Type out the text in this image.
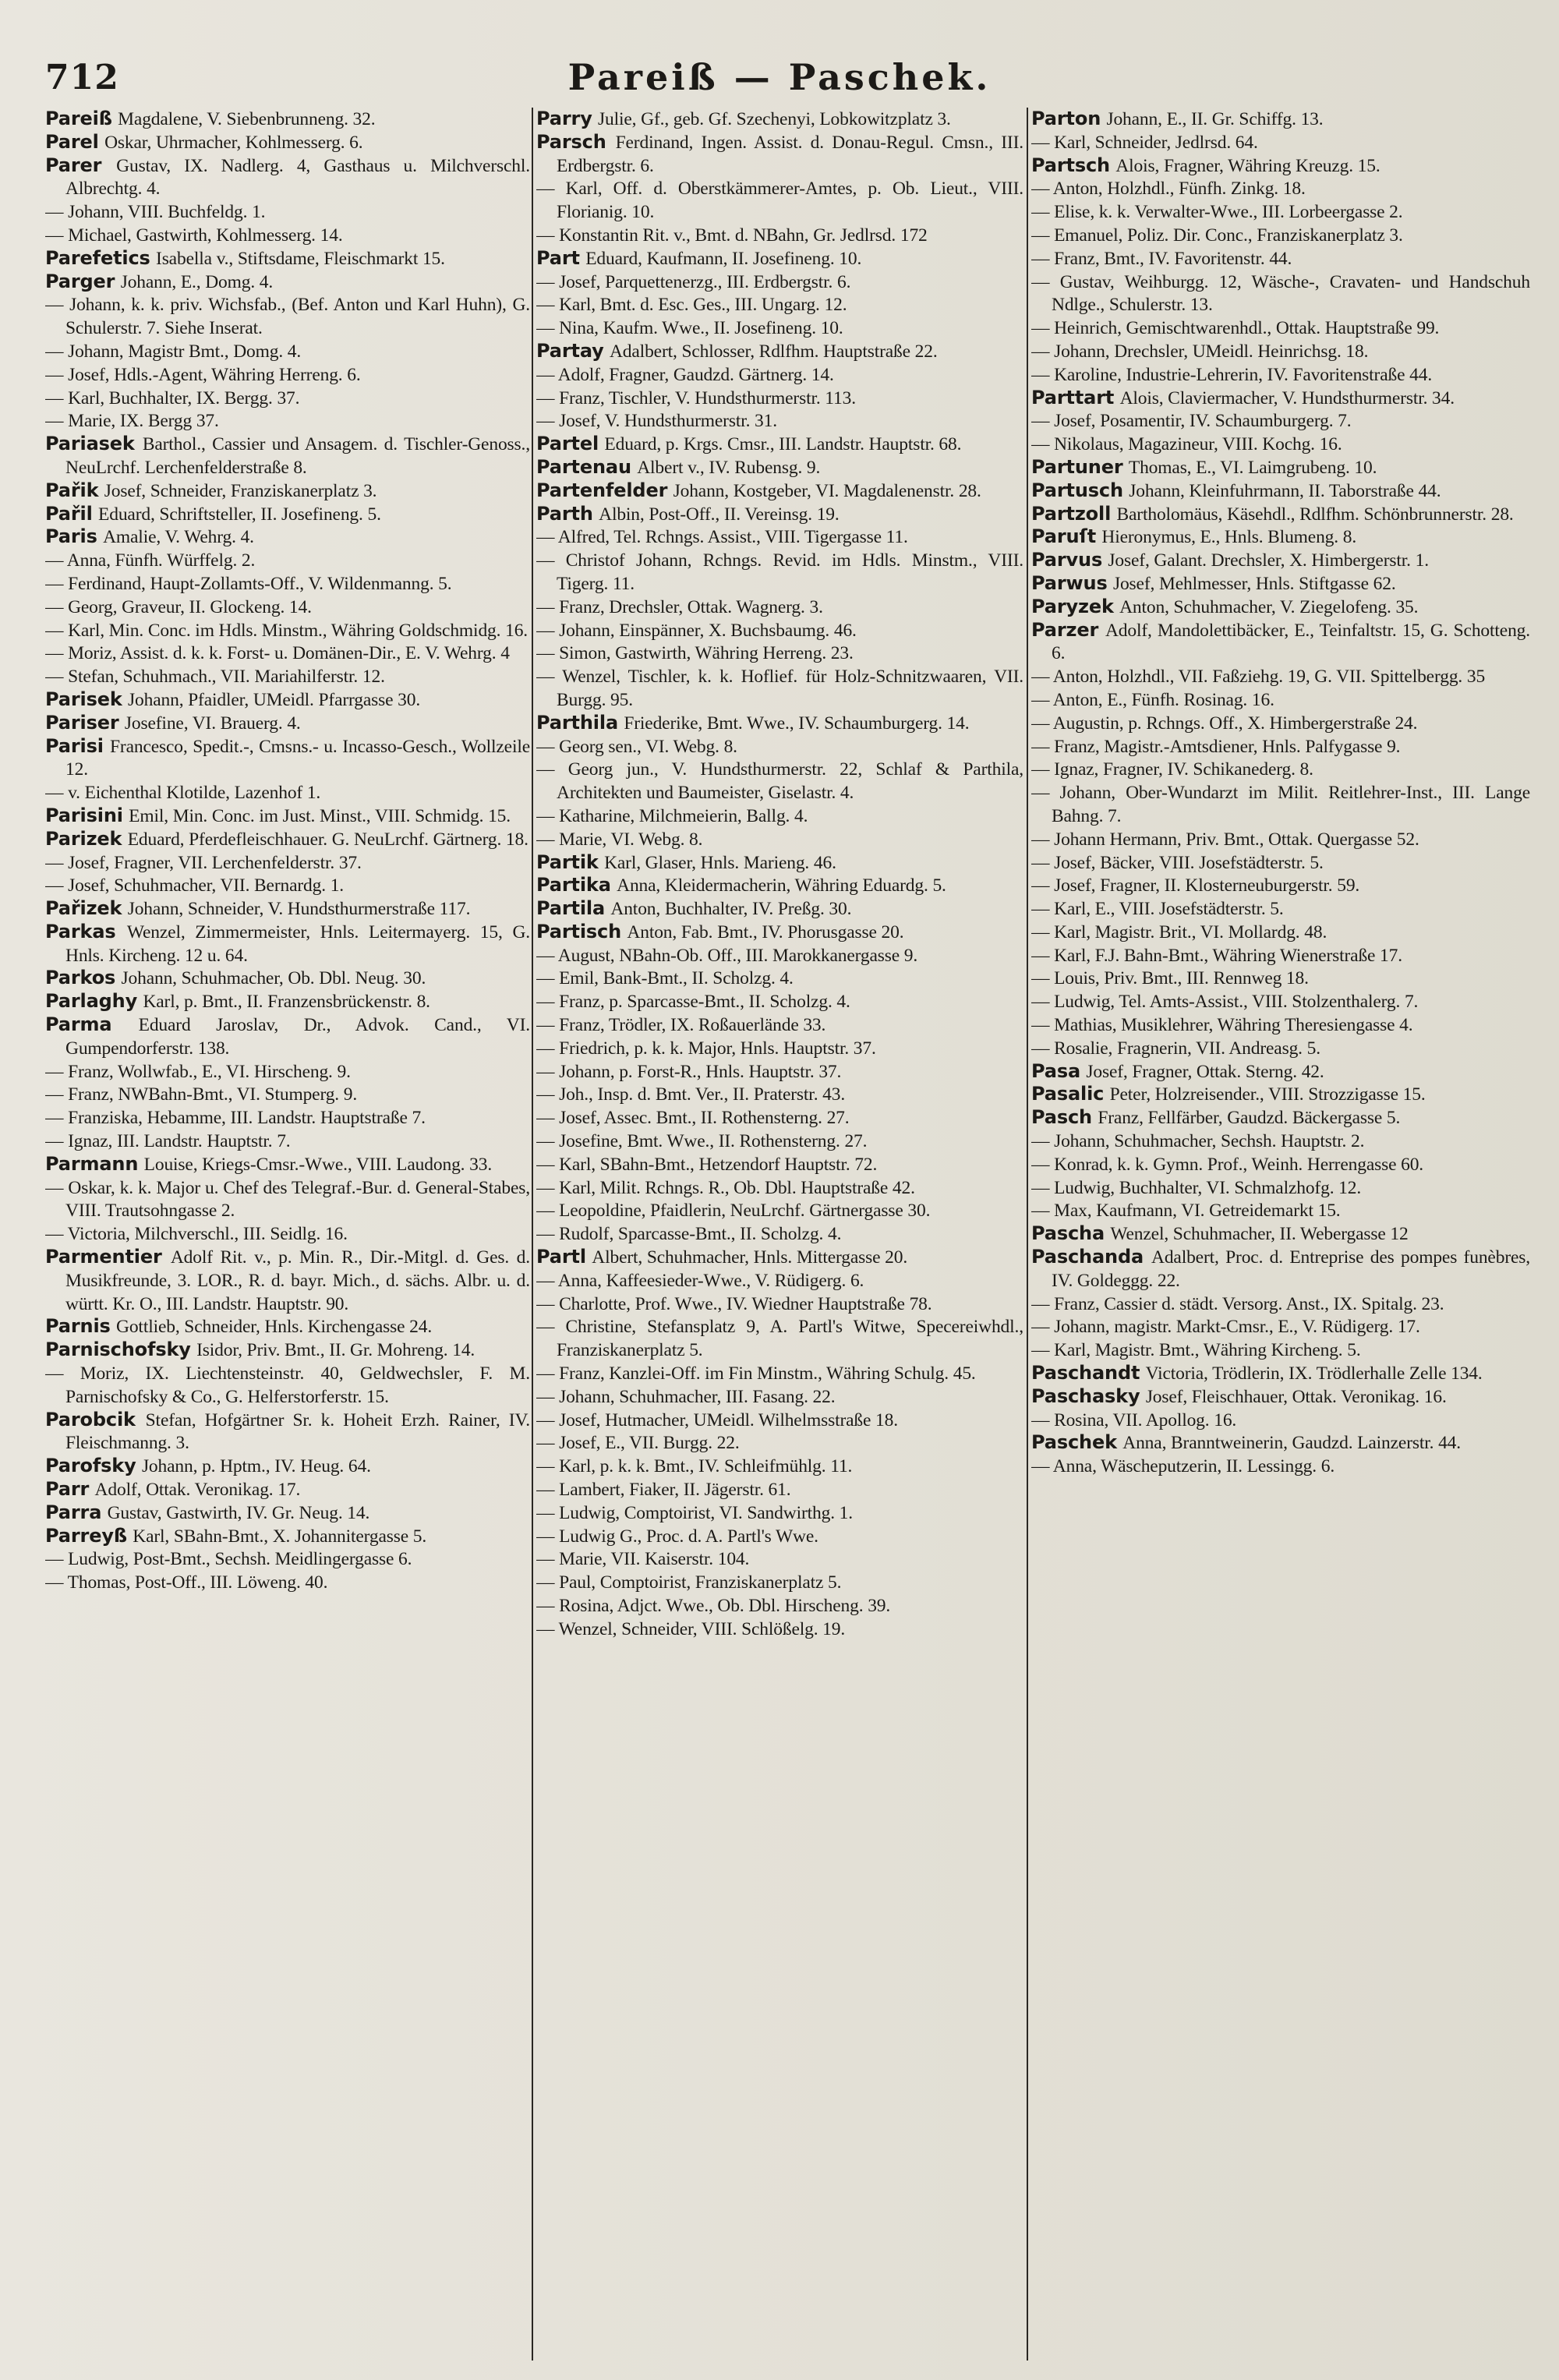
712	Pareiß — Paschek.
Pareiß Magdalene, V. Siebenbrunneng. 32.
Parel Oskar, Uhrmacher, Kohlmesserg. 6.
Parer Gustav, IX. Nadlerg. 4, Gasthaus u. Milchverschl. Albrechtg. 4.
— Johann, VIII. Buchfeldg. 1.
— Michael, Gastwirth, Kohlmesserg. 14.
Parefetics Isabella v., Stiftsdame, Fleischmarkt 15.
Parger Johann, E., Domg. 4.
— Johann, k. k. priv. Wichsfab., (Bef. Anton und Karl Huhn), G. Schulerstr. 7. Siehe Inserat.
— Johann, Magistr Bmt., Domg. 4.
— Josef, Hdls.-Agent, Währing Herreng. 6.
— Karl, Buchhalter, IX. Bergg. 37.
— Marie, IX. Bergg 37.
Pariasek Barthol., Cassier und Ansagem. d. Tischler-Genoss., NeuLrchf. Lerchenfelderstraße 8.
Pařik Josef, Schneider, Franziskanerplatz 3.
Pařil Eduard, Schriftsteller, II. Josefineng. 5.
Paris Amalie, V. Wehrg. 4.
— Anna, Fünfh. Würffelg. 2.
— Ferdinand, Haupt-Zollamts-Off., V. Wildenmanng. 5.
— Georg, Graveur, II. Glockeng. 14.
— Karl, Min. Conc. im Hdls. Minstm., Währing Goldschmidg. 16.
— Moriz, Assist. d. k. k. Forst- u. Domänen-Dir., E. V. Wehrg. 4
— Stefan, Schuhmach., VII. Mariahilferstr. 12.
Parisek Johann, Pfaidler, UMeidl. Pfarrgasse 30.
Pariser Josefine, VI. Brauerg. 4.
Parisi Francesco, Spedit.-, Cmsns.- u. Incasso-Gesch., Wollzeile 12.
— v. Eichenthal Klotilde, Lazenhof 1.
Parisini Emil, Min. Conc. im Just. Minst., VIII. Schmidg. 15.
Parizek Eduard, Pferdefleischhauer. G. NeuLrchf. Gärtnerg. 18.
— Josef, Fragner, VII. Lerchenfelderstr. 37.
— Josef, Schuhmacher, VII. Bernardg. 1.
Pařizek Johann, Schneider, V. Hundsthurmerstraße 117.
Parkas Wenzel, Zimmermeister, Hnls. Leitermayerg. 15, G. Hnls. Kircheng. 12 u. 64.
Parkos Johann, Schuhmacher, Ob. Dbl. Neug. 30.
Parlaghy Karl, p. Bmt., II. Franzensbrückenstr. 8.
Parma Eduard Jaroslav, Dr., Advok. Cand., VI. Gumpendorferstr. 138.
— Franz, Wollwfab., E., VI. Hirscheng. 9.
— Franz, NWBahn-Bmt., VI. Stumperg. 9.
— Franziska, Hebamme, III. Landstr. Hauptstraße 7.
— Ignaz, III. Landstr. Hauptstr. 7.
Parmann Louise, Kriegs-Cmsr.-Wwe., VIII. Laudong. 33.
— Oskar, k. k. Major u. Chef des Telegraf.-Bur. d. General-Stabes, VIII. Trautsohngasse 2.
— Victoria, Milchverschl., III. Seidlg. 16.
Parmentier Adolf Rit. v., p. Min. R., Dir.-Mitgl. d. Ges. d. Musikfreunde, 3. LOR., R. d. bayr. Mich., d. sächs. Albr. u. d. württ. Kr. O., III. Landstr. Hauptstr. 90.
Parnis Gottlieb, Schneider, Hnls. Kirchengasse 24.
Parnischofsky Isidor, Priv. Bmt., II. Gr. Mohreng. 14.
— Moriz, IX. Liechtensteinstr. 40, Geldwechsler, F. M. Parnischofsky & Co., G. Helferstorferstr. 15.
Parobcik Stefan, Hofgärtner Sr. k. Hoheit Erzh. Rainer, IV. Fleischmanng. 3.
Parofsky Johann, p. Hptm., IV. Heug. 64.
Parr Adolf, Ottak. Veronikag. 17.
Parra Gustav, Gastwirth, IV. Gr. Neug. 14.
Parreyß Karl, SBahn-Bmt., X. Johannitergasse 5.
— Ludwig, Post-Bmt., Sechsh. Meidlingergasse 6.
— Thomas, Post-Off., III. Löweng. 40.
Parry Julie, Gf., geb. Gf. Szechenyi, Lobkowitzplatz 3.
Parsch Ferdinand, Ingen. Assist. d. Donau-Regul. Cmsn., III. Erdbergstr. 6.
— Karl, Off. d. Oberstkämmerer-Amtes, p. Ob. Lieut., VIII. Florianig. 10.
— Konstantin Rit. v., Bmt. d. NBahn, Gr. Jedlrsd. 172
Part Eduard, Kaufmann, II. Josefineng. 10.
— Josef, Parquettenerzg., III. Erdbergstr. 6.
— Karl, Bmt. d. Esc. Ges., III. Ungarg. 12.
— Nina, Kaufm. Wwe., II. Josefineng. 10.
Partay Adalbert, Schlosser, Rdlfhm. Hauptstraße 22.
— Adolf, Fragner, Gaudzd. Gärtnerg. 14.
— Franz, Tischler, V. Hundsthurmerstr. 113.
— Josef, V. Hundsthurmerstr. 31.
Partel Eduard, p. Krgs. Cmsr., III. Landstr. Hauptstr. 68.
Partenau Albert v., IV. Rubensg. 9.
Partenfelder Johann, Kostgeber, VI. Magdalenenstr. 28.
Parth Albin, Post-Off., II. Vereinsg. 19.
— Alfred, Tel. Rchngs. Assist., VIII. Tigergasse 11.
— Christof Johann, Rchngs. Revid. im Hdls. Minstm., VIII. Tigerg. 11.
— Franz, Drechsler, Ottak. Wagnerg. 3.
— Johann, Einspänner, X. Buchsbaumg. 46.
— Simon, Gastwirth, Währing Herreng. 23.
— Wenzel, Tischler, k. k. Hoflief. für Holz-Schnitzwaaren, VII. Burgg. 95.
Parthila Friederike, Bmt. Wwe., IV. Schaumburgerg. 14.
— Georg sen., VI. Webg. 8.
— Georg jun., V. Hundsthurmerstr. 22, Schlaf & Parthila, Architekten und Baumeister, Giselastr. 4.
— Katharine, Milchmeierin, Ballg. 4.
— Marie, VI. Webg. 8.
Partik Karl, Glaser, Hnls. Marieng. 46.
Partika Anna, Kleidermacherin, Währing Eduardg. 5.
Partila Anton, Buchhalter, IV. Preßg. 30.
Partisch Anton, Fab. Bmt., IV. Phorusgasse 20.
— August, NBahn-Ob. Off., III. Marokkanergasse 9.
— Emil, Bank-Bmt., II. Scholzg. 4.
— Franz, p. Sparcasse-Bmt., II. Scholzg. 4.
— Franz, Trödler, IX. Roßauerlände 33.
— Friedrich, p. k. k. Major, Hnls. Hauptstr. 37.
— Johann, p. Forst-R., Hnls. Hauptstr. 37.
— Joh., Insp. d. Bmt. Ver., II. Praterstr. 43.
— Josef, Assec. Bmt., II. Rothensterng. 27.
— Josefine, Bmt. Wwe., II. Rothensterng. 27.
— Karl, SBahn-Bmt., Hetzendorf Hauptstr. 72.
— Karl, Milit. Rchngs. R., Ob. Dbl. Hauptstraße 42.
— Leopoldine, Pfaidlerin, NeuLrchf. Gärtnergasse 30.
— Rudolf, Sparcasse-Bmt., II. Scholzg. 4.
Partl Albert, Schuhmacher, Hnls. Mittergasse 20.
— Anna, Kaffeesieder-Wwe., V. Rüdigerg. 6.
— Charlotte, Prof. Wwe., IV. Wiedner Hauptstraße 78.
— Christine, Stefansplatz 9, A. Partl's Witwe, Specereiwhdl., Franziskanerplatz 5.
— Franz, Kanzlei-Off. im Fin Minstm., Währing Schulg. 45.
— Johann, Schuhmacher, III. Fasang. 22.
— Josef, Hutmacher, UMeidl. Wilhelmsstraße 18.
— Josef, E., VII. Burgg. 22.
— Karl, p. k. k. Bmt., IV. Schleifmühlg. 11.
— Lambert, Fiaker, II. Jägerstr. 61.
— Ludwig, Comptoirist, VI. Sandwirthg. 1.
— Ludwig G., Proc. d. A. Partl's Wwe.
— Marie, VII. Kaiserstr. 104.
— Paul, Comptoirist, Franziskanerplatz 5.
— Rosina, Adjct. Wwe., Ob. Dbl. Hirscheng. 39.
— Wenzel, Schneider, VIII. Schlößelg. 19.
Parton Johann, E., II. Gr. Schiffg. 13.
— Karl, Schneider, Jedlrsd. 64.
Partsch Alois, Fragner, Währing Kreuzg. 15.
— Anton, Holzhdl., Fünfh. Zinkg. 18.
— Elise, k. k. Verwalter-Wwe., III. Lorbeergasse 2.
— Emanuel, Poliz. Dir. Conc., Franziskanerplatz 3.
— Franz, Bmt., IV. Favoritenstr. 44.
— Gustav, Weihburgg. 12, Wäsche-, Cravaten- und Handschuh Ndlge., Schulerstr. 13.
— Heinrich, Gemischtwarenhdl., Ottak. Hauptstraße 99.
— Johann, Drechsler, UMeidl. Heinrichsg. 18.
— Karoline, Industrie-Lehrerin, IV. Favoritenstraße 44.
Parttart Alois, Claviermacher, V. Hundsthurmerstr. 34.
— Josef, Posamentir, IV. Schaumburgerg. 7.
— Nikolaus, Magazineur, VIII. Kochg. 16.
Partuner Thomas, E., VI. Laimgrubeng. 10.
Partusch Johann, Kleinfuhrmann, II. Taborstraße 44.
Partzoll Bartholomäus, Käsehdl., Rdlfhm. Schönbrunnerstr. 28.
Paruſt Hieronymus, E., Hnls. Blumeng. 8.
Parvus Josef, Galant. Drechsler, X. Himbergerstr. 1.
Parwus Josef, Mehlmesser, Hnls. Stiftgasse 62.
Paryzek Anton, Schuhmacher, V. Ziegelofeng. 35.
Parzer Adolf, Mandolettibäcker, E., Teinfaltstr. 15, G. Schotteng. 6.
— Anton, Holzhdl., VII. Faßziehg. 19, G. VII. Spittelbergg. 35
— Anton, E., Fünfh. Rosinag. 16.
— Augustin, p. Rchngs. Off., X. Himbergerstraße 24.
— Franz, Magistr.-Amtsdiener, Hnls. Palfygasse 9.
— Ignaz, Fragner, IV. Schikanederg. 8.
— Johann, Ober-Wundarzt im Milit. Reitlehrer-Inst., III. Lange Bahng. 7.
— Johann Hermann, Priv. Bmt., Ottak. Quergasse 52.
— Josef, Bäcker, VIII. Josefstädterstr. 5.
— Josef, Fragner, II. Klosterneuburgerstr. 59.
— Karl, E., VIII. Josefstädterstr. 5.
— Karl, Magistr. Brit., VI. Mollardg. 48.
— Karl, F.J. Bahn-Bmt., Währing Wienerstraße 17.
— Louis, Priv. Bmt., III. Rennweg 18.
— Ludwig, Tel. Amts-Assist., VIII. Stolzenthalerg. 7.
— Mathias, Musiklehrer, Währing Theresiengasse 4.
— Rosalie, Fragnerin, VII. Andreasg. 5.
Pasa Josef, Fragner, Ottak. Sterng. 42.
Pasalic Peter, Holzreisender., VIII. Strozzigasse 15.
Pasch Franz, Fellfärber, Gaudzd. Bäckergasse 5.
— Johann, Schuhmacher, Sechsh. Hauptstr. 2.
— Konrad, k. k. Gymn. Prof., Weinh. Herrengasse 60.
— Ludwig, Buchhalter, VI. Schmalzhofg. 12.
— Max, Kaufmann, VI. Getreidemarkt 15.
Pascha Wenzel, Schuhmacher, II. Webergasse 12
Paschanda Adalbert, Proc. d. Entreprise des pompes funèbres, IV. Goldeggg. 22.
— Franz, Cassier d. städt. Versorg. Anst., IX. Spitalg. 23.
— Johann, magistr. Markt-Cmsr., E., V. Rüdigerg. 17.
— Karl, Magistr. Bmt., Währing Kircheng. 5.
Paschandt Victoria, Trödlerin, IX. Trödlerhalle Zelle 134.
Paschasky Josef, Fleischhauer, Ottak. Veronikag. 16.
— Rosina, VII. Apollog. 16.
Paschek Anna, Branntweinerin, Gaudzd. Lainzerstr. 44.
— Anna, Wäscheputzerin, II. Lessingg. 6.
